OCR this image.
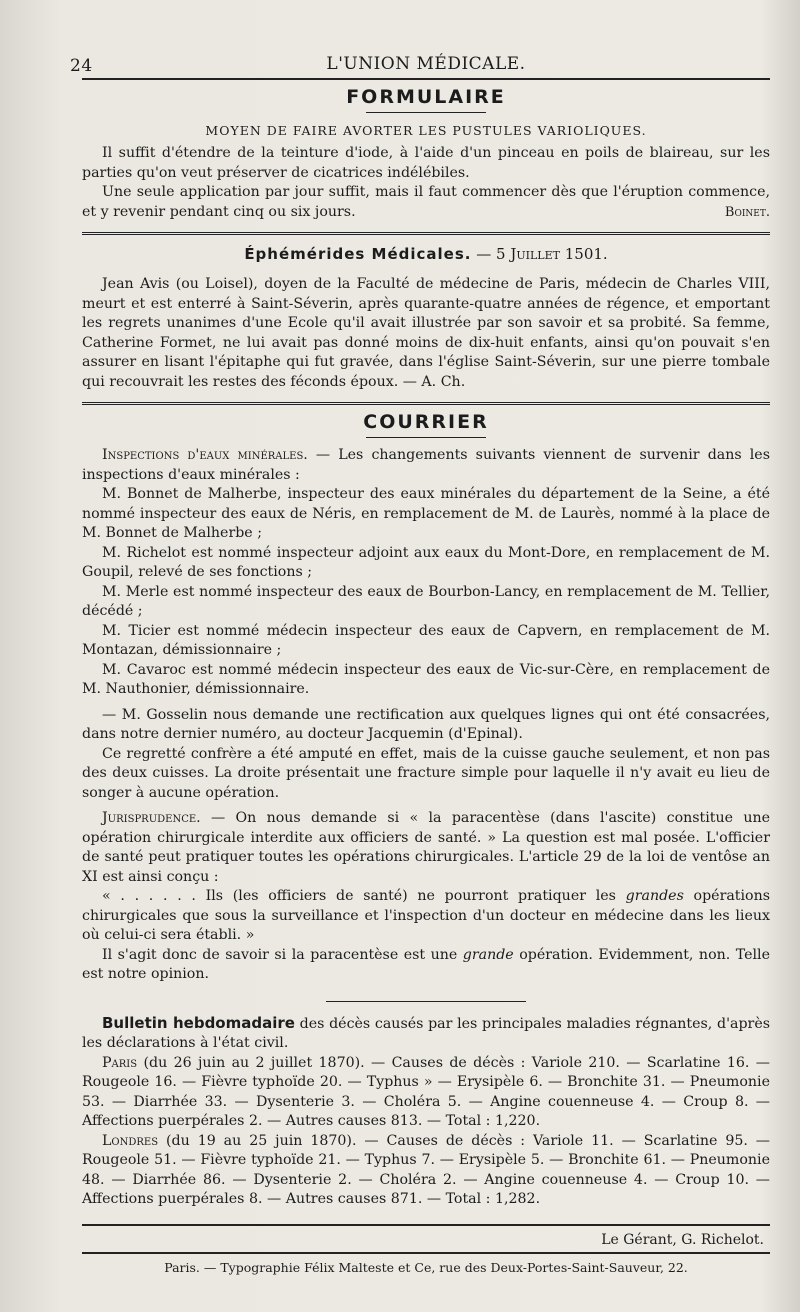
24	L'UNION MÉDICALE.
FORMULAIRE
MOYEN DE FAIRE AVORTER LES PUSTULES VARIOLIQUES.

Il suffit d'étendre de la teinture d'iode, à l'aide d'un pinceau en poils de blaireau, sur les parties qu'on veut préserver de cicatrices indélébiles.

Une seule application par jour suffit, mais il faut commencer dès que l'éruption commence, et y revenir pendant cinq ou six jours.	Boinet.

Éphémérides Médicales. — 5 Juillet 1501.

Jean Avis (ou Loisel), doyen de la Faculté de médecine de Paris, médecin de Charles VIII, meurt et est enterré à Saint-Séverin, après quarante-quatre années de régence, et emportant les regrets unanimes d'une Ecole qu'il avait illustrée par son savoir et sa probité. Sa femme, Catherine Formet, ne lui avait pas donné moins de dix-huit enfants, ainsi qu'on pouvait s'en assurer en lisant l'épitaphe qui fut gravée, dans l'église Saint-Séverin, sur une pierre tombale qui recouvrait les restes des féconds époux. — A. Ch.

COURRIER

Inspections d'eaux minérales. — Les changements suivants viennent de survenir dans les inspections d'eaux minérales :

M. Bonnet de Malherbe, inspecteur des eaux minérales du département de la Seine, a été nommé inspecteur des eaux de Néris, en remplacement de M. de Laurès, nommé à la place de M. Bonnet de Malherbe ;

M. Richelot est nommé inspecteur adjoint aux eaux du Mont-Dore, en remplacement de M. Goupil, relevé de ses fonctions ;

M. Merle est nommé inspecteur des eaux de Bourbon-Lancy, en remplacement de M. Tellier, décédé ;

M. Ticier est nommé médecin inspecteur des eaux de Capvern, en remplacement de M. Montazan, démissionnaire ;

M. Cavaroc est nommé médecin inspecteur des eaux de Vic-sur-Cère, en remplacement de M. Nauthonier, démissionnaire.

— M. Gosselin nous demande une rectification aux quelques lignes qui ont été consacrées, dans notre dernier numéro, au docteur Jacquemin (d'Epinal).

Ce regretté confrère a été amputé en effet, mais de la cuisse gauche seulement, et non pas des deux cuisses. La droite présentait une fracture simple pour laquelle il n'y avait eu lieu de songer à aucune opération.

Jurisprudence. — On nous demande si « la paracentèse (dans l'ascite) constitue une opération chirurgicale interdite aux officiers de santé. » La question est mal posée. L'officier de santé peut pratiquer toutes les opérations chirurgicales. L'article 29 de la loi de ventôse an XI est ainsi conçu :

« . . . . . . Ils (les officiers de santé) ne pourront pratiquer les grandes opérations chirurgicales que sous la surveillance et l'inspection d'un docteur en médecine dans les lieux où celui-ci sera établi. »

Il s'agit donc de savoir si la paracentèse est une grande opération. Evidemment, non. Telle est notre opinion.

Bulletin hebdomadaire des décès causés par les principales maladies régnantes, d'après les déclarations à l'état civil.

Paris (du 26 juin au 2 juillet 1870). — Causes de décès : Variole 210. — Scarlatine 16. — Rougeole 16. — Fièvre typhoïde 20. — Typhus » — Erysipèle 6. — Bronchite 31. — Pneumonie 53. — Diarrhée 33. — Dysenterie 3. — Choléra 5. — Angine couenneuse 4. — Croup 8. — Affections puerpérales 2. — Autres causes 813. — Total : 1,220.

Londres (du 19 au 25 juin 1870). — Causes de décès : Variole 11. — Scarlatine 95. — Rougeole 51. — Fièvre typhoïde 21. — Typhus 7. — Erysipèle 5. — Bronchite 61. — Pneumonie 48. — Diarrhée 86. — Dysenterie 2. — Choléra 2. — Angine couenneuse 4. — Croup 10. — Affections puerpérales 8. — Autres causes 871. — Total : 1,282.

Le Gérant, G. Richelot.
Paris. — Typographie Félix Malteste et Ce, rue des Deux-Portes-Saint-Sauveur, 22.
